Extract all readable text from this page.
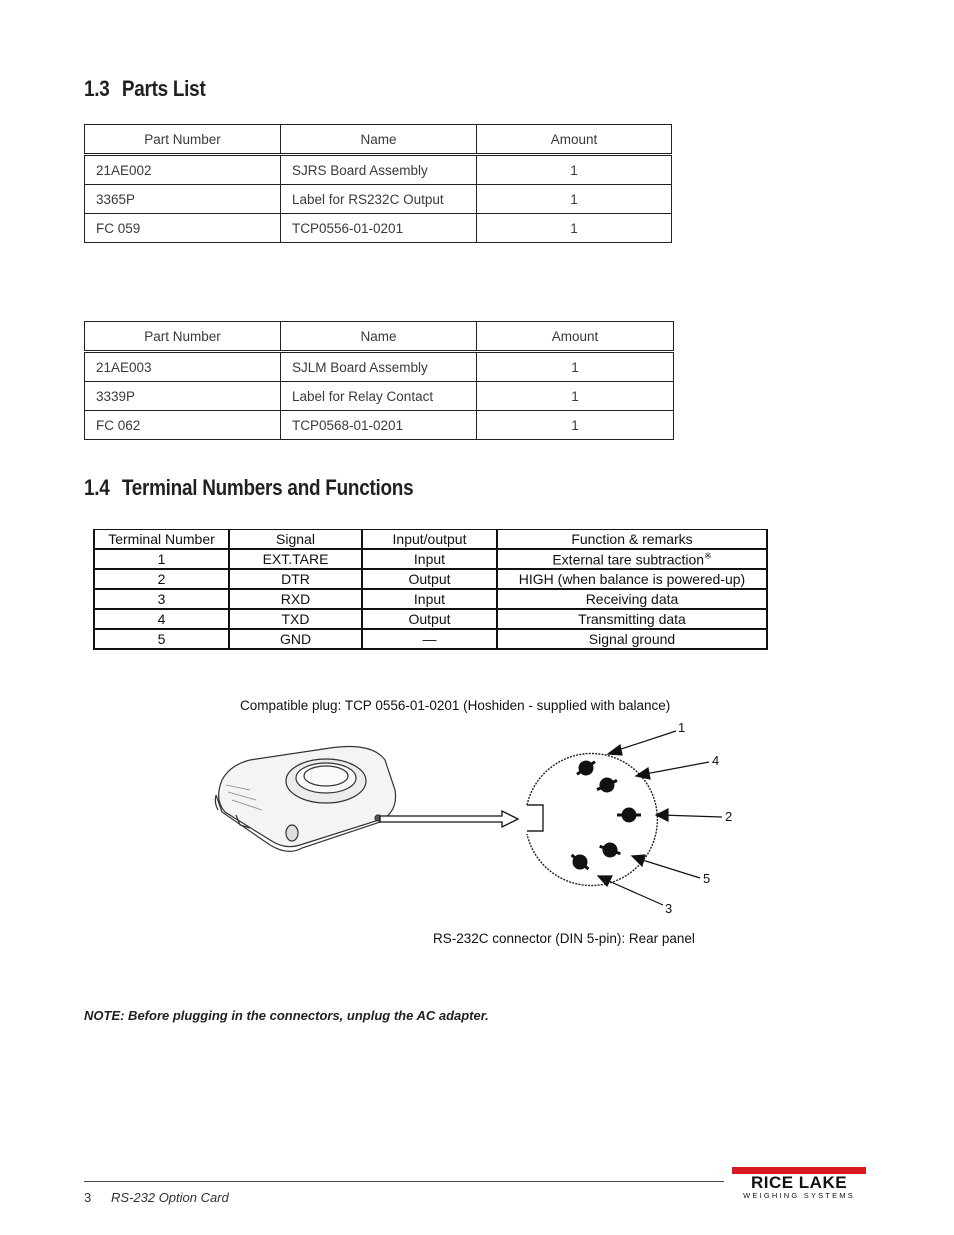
1.3 Parts List
Part Number	Name	Amount
21AE002	SJRS Board Assembly	1
3365P	Label for RS232C Output	1
FC 059	TCP0556-01-0201	1
Part Number	Name	Amount
21AE003	SJLM Board Assembly	1
3339P	Label for Relay Contact	1
FC 062	TCP0568-01-0201	1
1.4 Terminal Numbers and Functions
Terminal Number	Signal	Input/output	Function & remarks
1	EXT.TARE	Input	External tare subtraction※
2	DTR	Output	HIGH (when balance is powered-up)
3	RXD	Input	Receiving data
4	TXD	Output	Transmitting data
5	GND	—	Signal ground
Compatible plug: TCP 0556-01-0201 (Hoshiden - supplied with balance)
RS-232C connector (DIN 5-pin): Rear panel
1
4
2
5
3
NOTE: Before plugging in the connectors, unplug the AC adapter.
3 RS-232 Option Card
RICE LAKE
WEIGHING SYSTEMS
